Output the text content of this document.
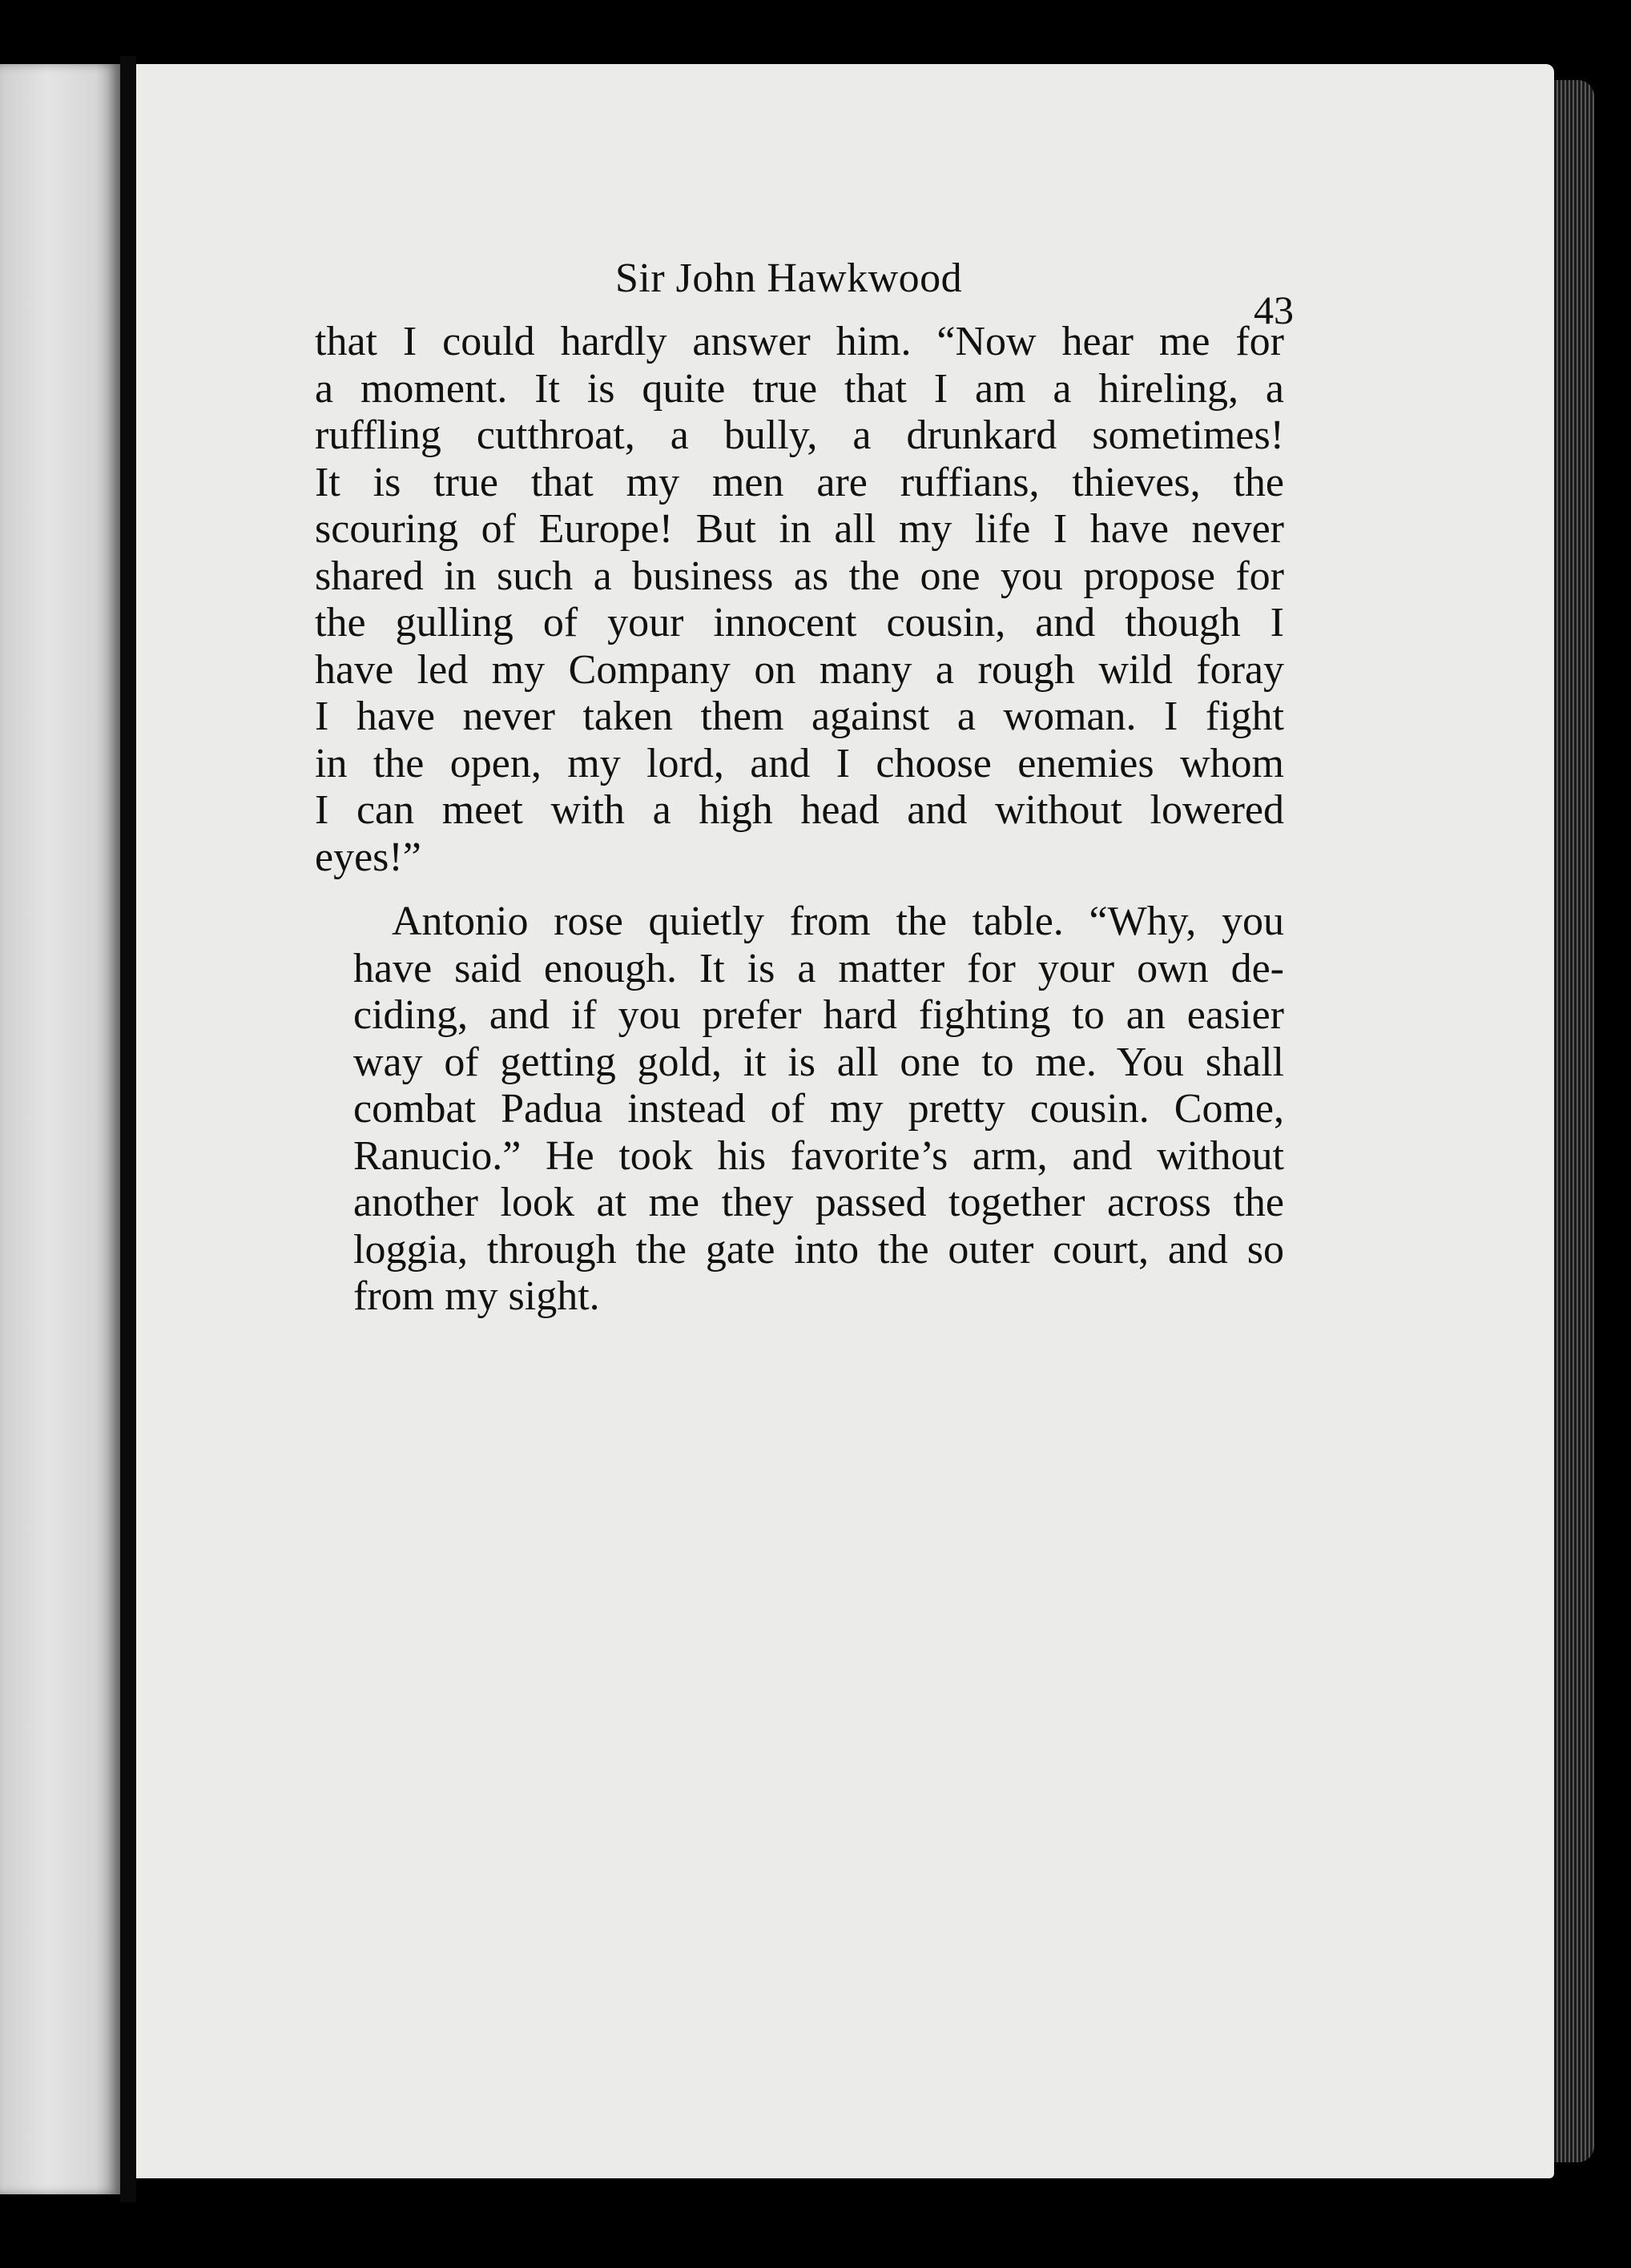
Sir John Hawkwood
43

that I could hardly answer him. “Now hear me for
a moment. It is quite true that I am a hireling, a
ruffling cutthroat, a bully, a drunkard sometimes!
It is true that my men are ruffians, thieves, the
scouring of Europe! But in all my life I have never
shared in such a business as the one you propose for
the gulling of your innocent cousin, and though I
have led my Company on many a rough wild foray
I have never taken them against a woman. I fight
in the open, my lord, and I choose enemies whom
I can meet with a high head and without lowered
eyes!”

Antonio rose quietly from the table. “Why, you
have said enough. It is a matter for your own de-
ciding, and if you prefer hard fighting to an easier
way of getting gold, it is all one to me. You shall
combat Padua instead of my pretty cousin. Come,
Ranucio.” He took his favorite’s arm, and without
another look at me they passed together across the
loggia, through the gate into the outer court, and so
from my sight.
